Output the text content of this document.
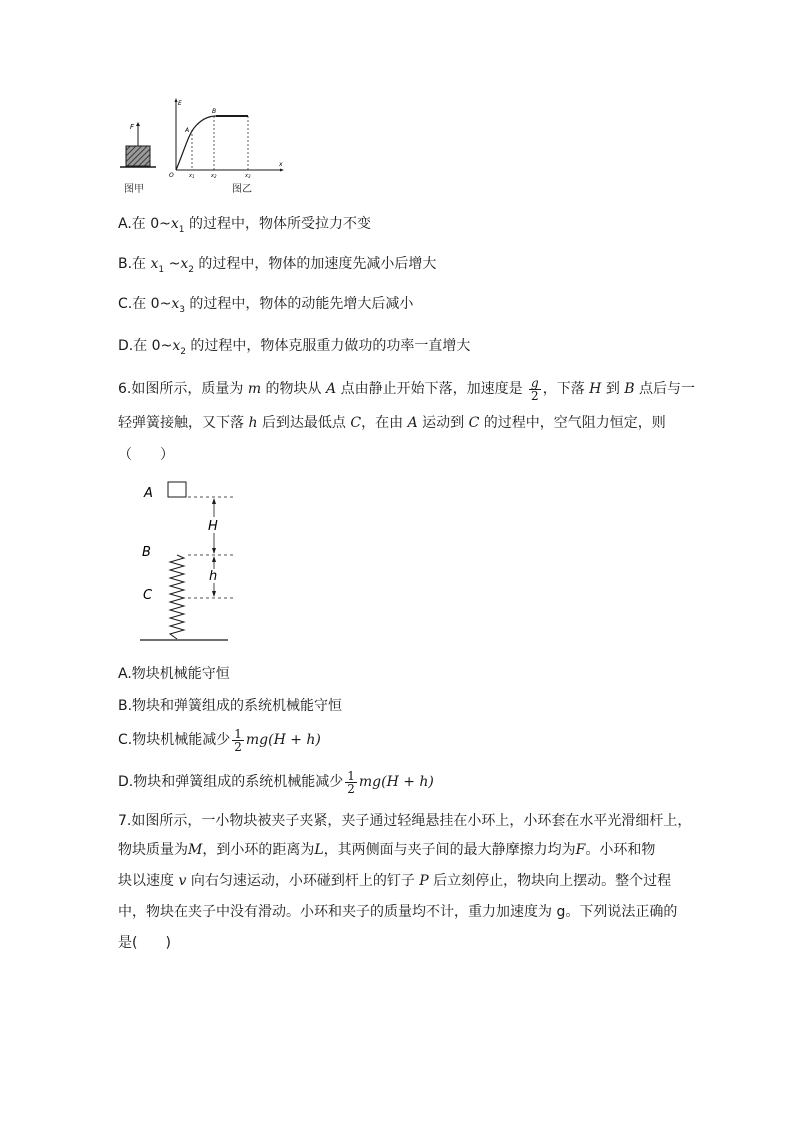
F
图甲
E
x
O
A
B
$x_1$	$x_2$	$x_3$
图乙
A.在 $0\sim x_1$ 的过程中，物体所受拉力不变
B.在 $x_1$ $\sim x_2$ 的过程中，物体的加速度先减小后增大
C.在 $0\sim x_3$ 的过程中，物体的动能先增大后减小
D.在 $0\sim x_2$ 的过程中，物体克服重力做功的功率一直增大
6.如图所示，质量为 m 的物块从 A 点由静止开始下落，加速度是 $\frac{g}{2}$ ，下落 H 到 B 点后与一
轻弹簧接触，又下落 h 后到达最低点 C，在由 A 运动到 C 的过程中，空气阻力恒定，则
（　　）
A
B
C
H
h
A.物块机械能守恒
B.物块和弹簧组成的系统机械能守恒
C.物块机械能减少 $\frac{1}{2} mg(H + h)$
D.物块和弹簧组成的系统机械能减少 $\frac{1}{2} mg(H + h)$
7.如图所示，一小物块被夹子夹紧，夹子通过轻绳悬挂在小环上，小环套在水平光滑细杆上，
物块质量为M，到小环的距离为L，其两侧面与夹子间的最大静摩擦力均为F。小环和物
块以速度 v 向右匀速运动，小环碰到杆上的钉子 P 后立刻停止，物块向上摆动。整个过程
中，物块在夹子中没有滑动。小环和夹子的质量均不计，重力加速度为 g。下列说法正确的
是(　　)
